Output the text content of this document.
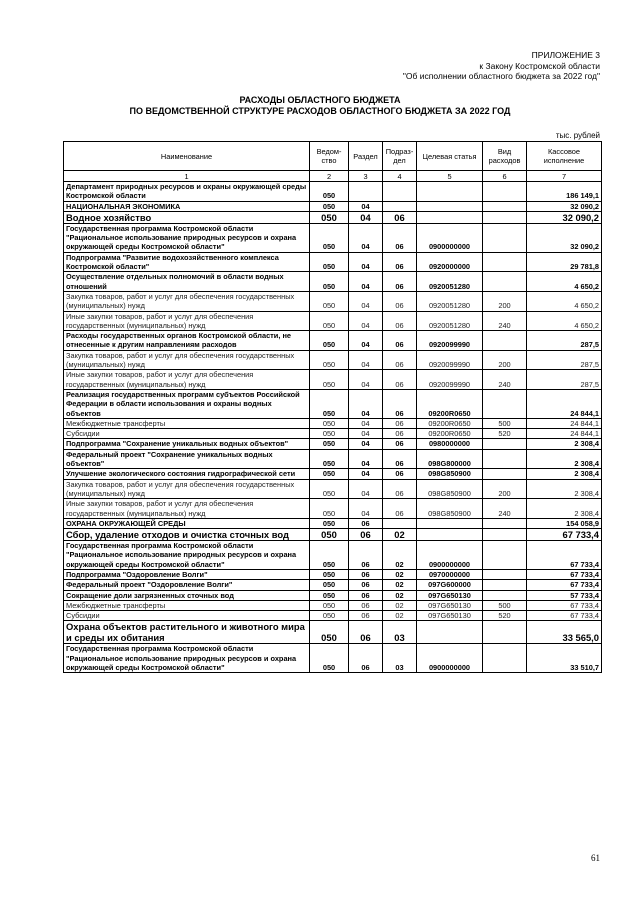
ПРИЛОЖЕНИЕ 3
к Закону Костромской области
"Об исполнении областного бюджета за 2022 год"
РАСХОДЫ ОБЛАСТНОГО БЮДЖЕТА
ПО ВЕДОМСТВЕННОЙ СТРУКТУРЕ РАСХОДОВ ОБЛАСТНОГО БЮДЖЕТА ЗА 2022 ГОД
тыс. рублей
Наименование	Ведом-ство	Раздел	Подраз-дел	Целевая статья	Вид расходов	Кассовое исполнение
1	2	3	4	5	6	7
Департамент природных ресурсов и охраны окружающей среды Костромской области	050					186 149,1
НАЦИОНАЛЬНАЯ ЭКОНОМИКА	050	04				32 090,2
Водное хозяйство	050	04	06			32 090,2
Государственная программа Костромской области "Рациональное использование природных ресурсов и охрана окружающей среды Костромской области"	050	04	06	0900000000		32 090,2
Подпрограмма "Развитие водохозяйственного комплекса Костромской области"	050	04	06	0920000000		29 781,8
Осуществление отдельных полномочий в области водных отношений	050	04	06	0920051280		4 650,2
Закупка товаров, работ и услуг для обеспечения государственных (муниципальных) нужд	050	04	06	0920051280	200	4 650,2
Иные закупки товаров, работ и услуг для обеспечения государственных (муниципальных) нужд	050	04	06	0920051280	240	4 650,2
Расходы государственных органов Костромской области, не отнесенные к другим направлениям расходов	050	04	06	0920099990		287,5
Закупка товаров, работ и услуг для обеспечения государственных (муниципальных) нужд	050	04	06	0920099990	200	287,5
Иные закупки товаров, работ и услуг для обеспечения государственных (муниципальных) нужд	050	04	06	0920099990	240	287,5
Реализация государственных программ субъектов Российской Федерации в области использования и охраны водных объектов	050	04	06	09200R0650		24 844,1
Межбюджетные трансферты	050	04	06	09200R0650	500	24 844,1
Субсидии	050	04	06	09200R0650	520	24 844,1
Подпрограмма "Сохранение уникальных водных объектов"	050	04	06	0980000000		2 308,4
Федеральный проект "Сохранение уникальных водных объектов"	050	04	06	098G800000		2 308,4
Улучшение экологического состояния гидрографической сети	050	04	06	098G850900		2 308,4
Закупка товаров, работ и услуг для обеспечения государственных (муниципальных) нужд	050	04	06	098G850900	200	2 308,4
Иные закупки товаров, работ и услуг для обеспечения государственных (муниципальных) нужд	050	04	06	098G850900	240	2 308,4
ОХРАНА ОКРУЖАЮЩЕЙ СРЕДЫ	050	06				154 058,9
Сбор, удаление отходов и очистка сточных вод	050	06	02			67 733,4
Государственная программа Костромской области "Рациональное использование природных ресурсов и охрана окружающей среды Костромской области"	050	06	02	0900000000		67 733,4
Подпрограмма "Оздоровление Волги"	050	06	02	0970000000		67 733,4
Федеральный проект "Оздоровление Волги"	050	06	02	097G600000		67 733,4
Сокращение доли загрязненных сточных вод	050	06	02	097G650130		57 733,4
Межбюджетные трансферты	050	06	02	097G650130	500	67 733,4
Субсидии	050	06	02	097G650130	520	67 733,4
Охрана объектов растительного и животного мира и среды их обитания	050	06	03			33 565,0
Государственная программа Костромской области "Рациональное использование природных ресурсов и охрана окружающей среды Костромской области"	050	06	03	0900000000		33 510,7
61
